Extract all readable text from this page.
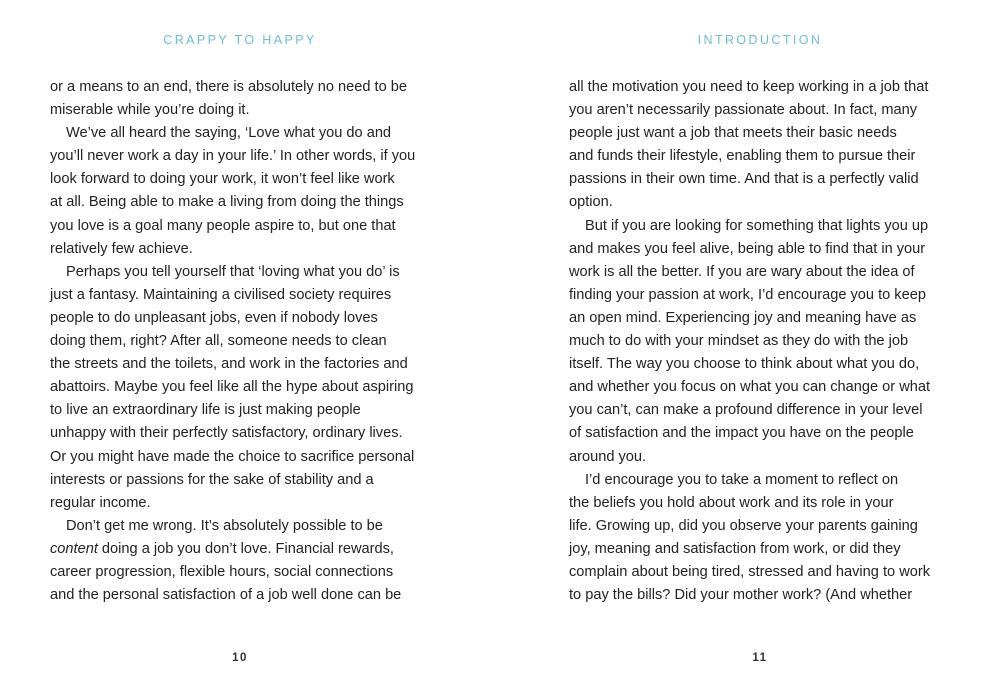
CRAPPY TO HAPPY
or a means to an end, there is absolutely no need to be
miserable while you’re doing it.
We’ve all heard the saying, ‘Love what you do and
you’ll never work a day in your life.’ In other words, if you
look forward to doing your work, it won’t feel like work
at all. Being able to make a living from doing the things
you love is a goal many people aspire to, but one that
relatively few achieve.
Perhaps you tell yourself that ‘loving what you do’ is
just a fantasy. Maintaining a civilised society requires
people to do unpleasant jobs, even if nobody loves
doing them, right? After all, someone needs to clean
the streets and the toilets, and work in the factories and
abattoirs. Maybe you feel like all the hype about aspiring
to live an extraordinary life is just making people
unhappy with their perfectly satisfactory, ordinary lives.
Or you might have made the choice to sacrifice personal
interests or passions for the sake of stability and a
regular income.
Don’t get me wrong. It’s absolutely possible to be
content doing a job you don’t love. Financial rewards,
career progression, flexible hours, social connections
and the personal satisfaction of a job well done can be
10
INTRODUCTION
all the motivation you need to keep working in a job that
you aren’t necessarily passionate about. In fact, many
people just want a job that meets their basic needs
and funds their lifestyle, enabling them to pursue their
passions in their own time. And that is a perfectly valid
option.
But if you are looking for something that lights you up
and makes you feel alive, being able to find that in your
work is all the better. If you are wary about the idea of
finding your passion at work, I’d encourage you to keep
an open mind. Experiencing joy and meaning have as
much to do with your mindset as they do with the job
itself. The way you choose to think about what you do,
and whether you focus on what you can change or what
you can’t, can make a profound difference in your level
of satisfaction and the impact you have on the people
around you.
I’d encourage you to take a moment to reflect on
the beliefs you hold about work and its role in your
life. Growing up, did you observe your parents gaining
joy, meaning and satisfaction from work, or did they
complain about being tired, stressed and having to work
to pay the bills? Did your mother work? (And whether
11
